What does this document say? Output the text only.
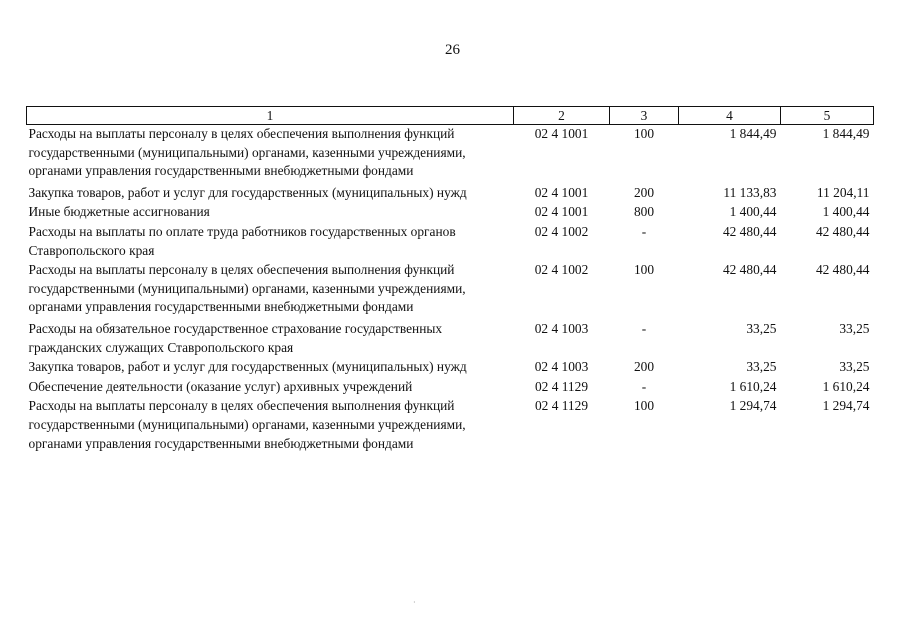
26
1	2	3	4	5
Расходы на выплаты персоналу в целях обеспечения выполнения функций государственными (муниципальными) органами, казенными учреждениями, органами управления государственными внебюджетными фондами	02 4 1001	100	1 844,49	1 844,49
Закупка товаров, работ и услуг для государственных (муниципальных) нужд	02 4 1001	200	11 133,83	11 204,11
Иные бюджетные ассигнования	02 4 1001	800	1 400,44	1 400,44
Расходы на выплаты по оплате труда работников государственных органов Ставропольского края	02 4 1002	-	42 480,44	42 480,44
Расходы на выплаты персоналу в целях обеспечения выполнения функций государственными (муниципальными) органами, казенными учреждениями, органами управления государственными внебюджетными фондами	02 4 1002	100	42 480,44	42 480,44
Расходы на обязательное государственное страхование государственных гражданских служащих Ставропольского края	02 4 1003	-	33,25	33,25
Закупка товаров, работ и услуг для государственных (муниципальных) нужд	02 4 1003	200	33,25	33,25
Обеспечение деятельности (оказание услуг) архивных учреждений	02 4 1129	-	1 610,24	1 610,24
Расходы на выплаты персоналу в целях обеспечения выполнения функций государственными (муниципальными) органами, казенными учреждениями, органами управления государственными внебюджетными фондами	02 4 1129	100	1 294,74	1 294,74
·
